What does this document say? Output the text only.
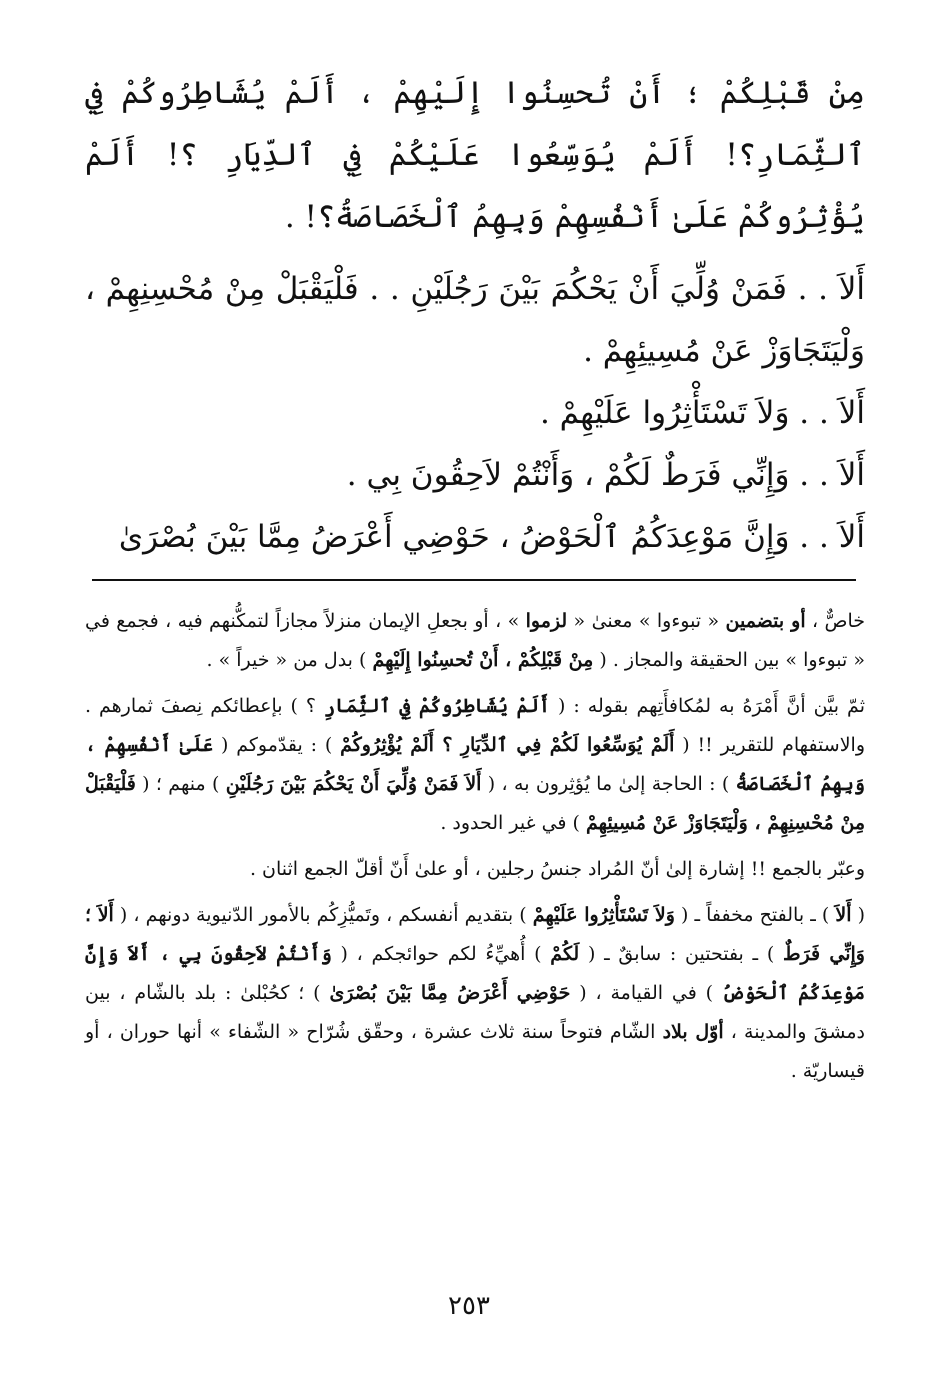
مِنْ قَبْلِكُمْ ؛ أَنْ تُحسِنُوا إِلَيْهِمْ ، أَلَمْ يُشَاطِرُوكُمْ فِي ٱلثِّمَارِ؟! أَلَمْ يُوَسِّعُوا عَلَيْكُمْ فِي ٱلدِّيَارِ ؟! أَلَمْ يُؤْثِرُوكُمْ عَلَىٰ أَنْفُسِهِمْ وَبِهِمُ ٱلْخَصَاصَةُ؟! .

أَلاَ . . فَمَنْ وُلِّيَ أَنْ يَحْكُمَ بَيْنَ رَجُلَيْنِ . . فَلْيَقْبَلْ مِنْ مُحْسِنِهِمْ ، وَلْيَتَجَاوَزْ عَنْ مُسِيئِهِمْ .

أَلاَ . . وَلاَ تَسْتَأْثِرُوا عَلَيْهِمْ .

أَلاَ . . وَإِنِّي فَرَطٌ لَكُمْ ، وَأَنْتُمْ لاَحِقُونَ بِي .

أَلاَ . . وَإِنَّ مَوْعِدَكُمُ ٱلْحَوْضُ ، حَوْضِي أَعْرَضُ مِمَّا بَيْنَ بُصْرَىٰ

خاصٌّ ، أو بتضمين « تبوءوا » معنىٰ « لزموا » ، أو بجعلِ الإيمان منزلاً مجازاً لتمكُّنهم فيه ، فجمع في « تبوءوا » بين الحقيقة والمجاز . ( مِنْ قَبْلِكُمْ ، أَنْ تُحسِنُوا إِلَيْهِمْ ) بدل من « خيراً » .

ثمّ بيَّن أنَّ أَمْرَهُ به لمُكافأَتِهم بقوله : ( أَلَمْ يُشَاطِرُوكُمْ فِي ٱلثِّمَارِ ؟ ) بإعطائكم نِصفَ ثمارهم . والاستفهام للتقرير !! ( أَلَمْ يُوَسِّعُوا لَكُمْ فِي ٱلدِّيَارِ ؟ أَلَمْ يُؤْثِرُوكُمْ ) : يقدّموكم ( عَلَىٰ أَنْفُسِهِمْ ، وَبِهِمُ ٱلْخَصَاصَةُ ) : الحاجة إلىٰ ما يُؤثِرون به ، ( أَلاَ فَمَنْ وُلِّيَ أَنْ يَحْكُمَ بَيْنَ رَجُلَيْنِ ) منهم ؛ ( فَلْيَقْبَلْ مِنْ مُحْسِنِهِمْ ، وَلْيَتَجَاوَزْ عَنْ مُسِيئِهِمْ ) في غير الحدود .

وعبّر بالجمع !! إشارة إلىٰ أنّ المُراد جنسُ رجلين ، أو علىٰ أَنّ أقلّ الجمع اثنان .

( أَلاَ ) ـ بالفتح مخففاً ـ ( وَلاَ تَسْتَأْثِرُوا عَلَيْهِمْ ) بتقديم أنفسكم ، وتَميُّزِكُم بالأمور الدّنيوية دونهم ، ( أَلاَ ؛ وَإِنِّي فَرَطٌ ) ـ بفتحتين : سابقٌ ـ ( لَكُمْ ) أُهيِّءُ لكم حوائجكم ، ( وَأَنْتُمْ لاَحِقُونَ بِي ، أَلاَ وَإِنَّ مَوْعِدَكُمُ ٱلْحَوْضُ ) في القيامة ، ( حَوْضِي أَعْرَضُ مِمَّا بَيْنَ بُصْرَىٰ ) ؛ كحُبْلىٰ : بلد بالشّام ، بين دمشقَ والمدينة ، أوّل بلاد الشّام فتوحاً سنة ثلاث عشرة ، وحقّق شُرّاح « الشّفاء » أنها حوران ، أو قيساريّة .

٢٥٣
